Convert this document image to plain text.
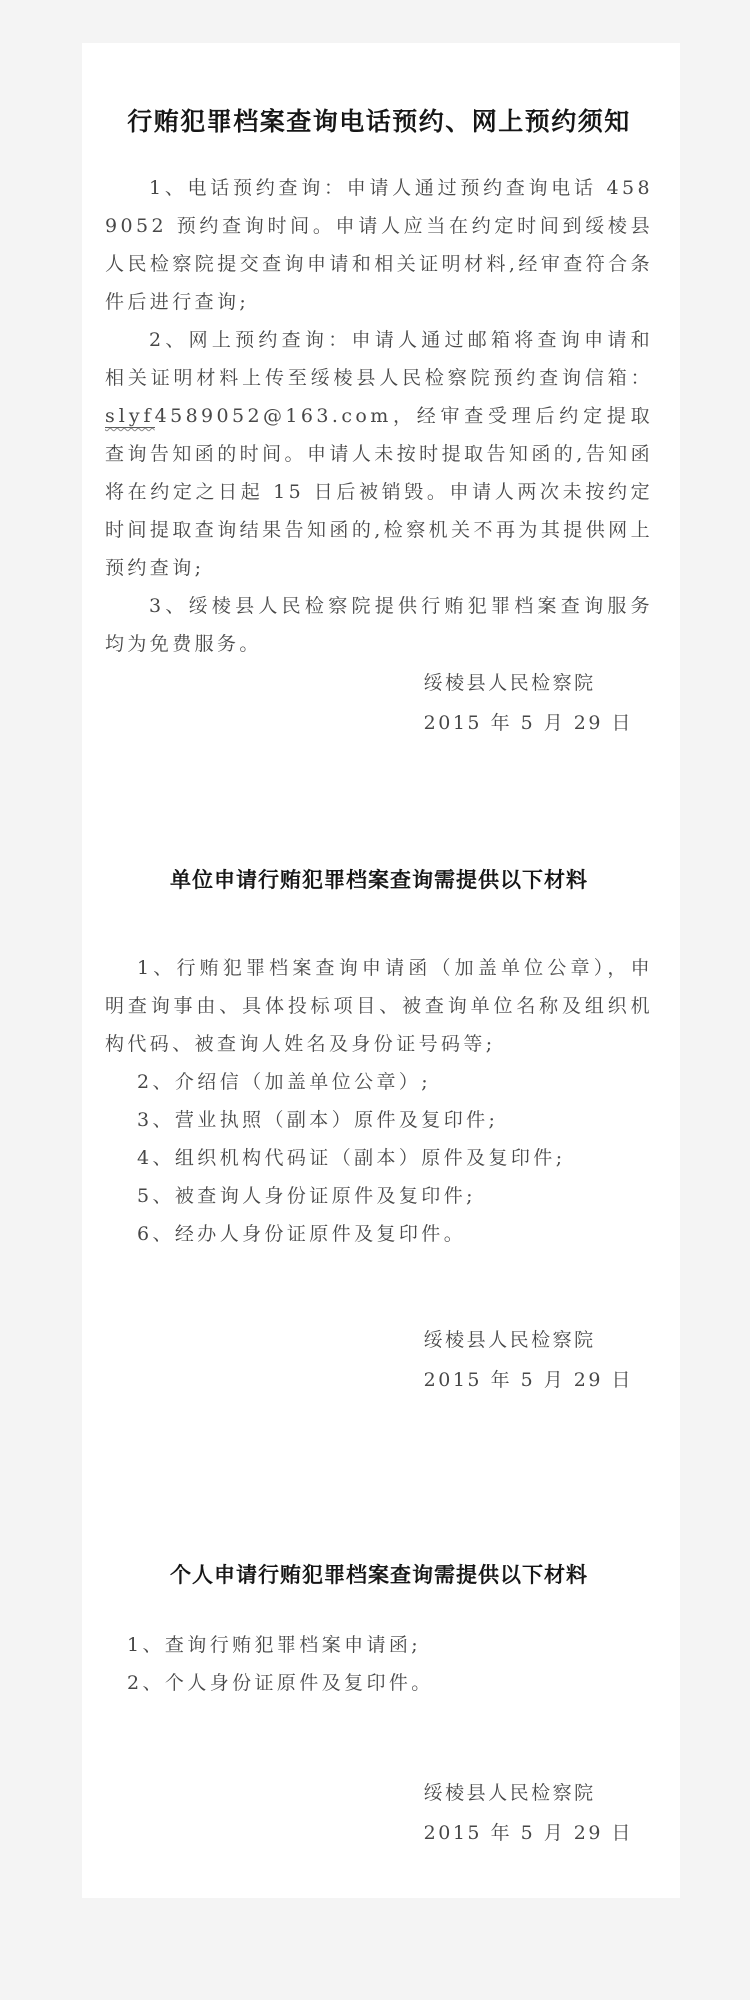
行贿犯罪档案查询电话预约、网上预约须知

1、电话预约查询：申请人通过预约查询电话 4589052 预约查询时间。申请人应当在约定时间到绥棱县人民检察院提交查询申请和相关证明材料,经审查符合条件后进行查询;

2、网上预约查询：申请人通过邮箱将查询申请和相关证明材料上传至绥棱县人民检察院预约查询信箱：slyf4589052@163.com，经审查受理后约定提取查询告知函的时间。申请人未按时提取告知函的,告知函将在约定之日起 15 日后被销毁。申请人两次未按约定时间提取查询结果告知函的,检察机关不再为其提供网上预约查询;

3、绥棱县人民检察院提供行贿犯罪档案查询服务均为免费服务。

绥棱县人民检察院
2015 年 5 月 29 日
单位申请行贿犯罪档案查询需提供以下材料

1、行贿犯罪档案查询申请函（加盖单位公章），申明查询事由、具体投标项目、被查询单位名称及组织机构代码、被查询人姓名及身份证号码等;

2、介绍信（加盖单位公章）;

3、营业执照（副本）原件及复印件;

4、组织机构代码证（副本）原件及复印件;

5、被查询人身份证原件及复印件;

6、经办人身份证原件及复印件。

绥棱县人民检察院
2015 年 5 月 29 日
个人申请行贿犯罪档案查询需提供以下材料

1、查询行贿犯罪档案申请函;

2、个人身份证原件及复印件。

绥棱县人民检察院
2015 年 5 月 29 日
